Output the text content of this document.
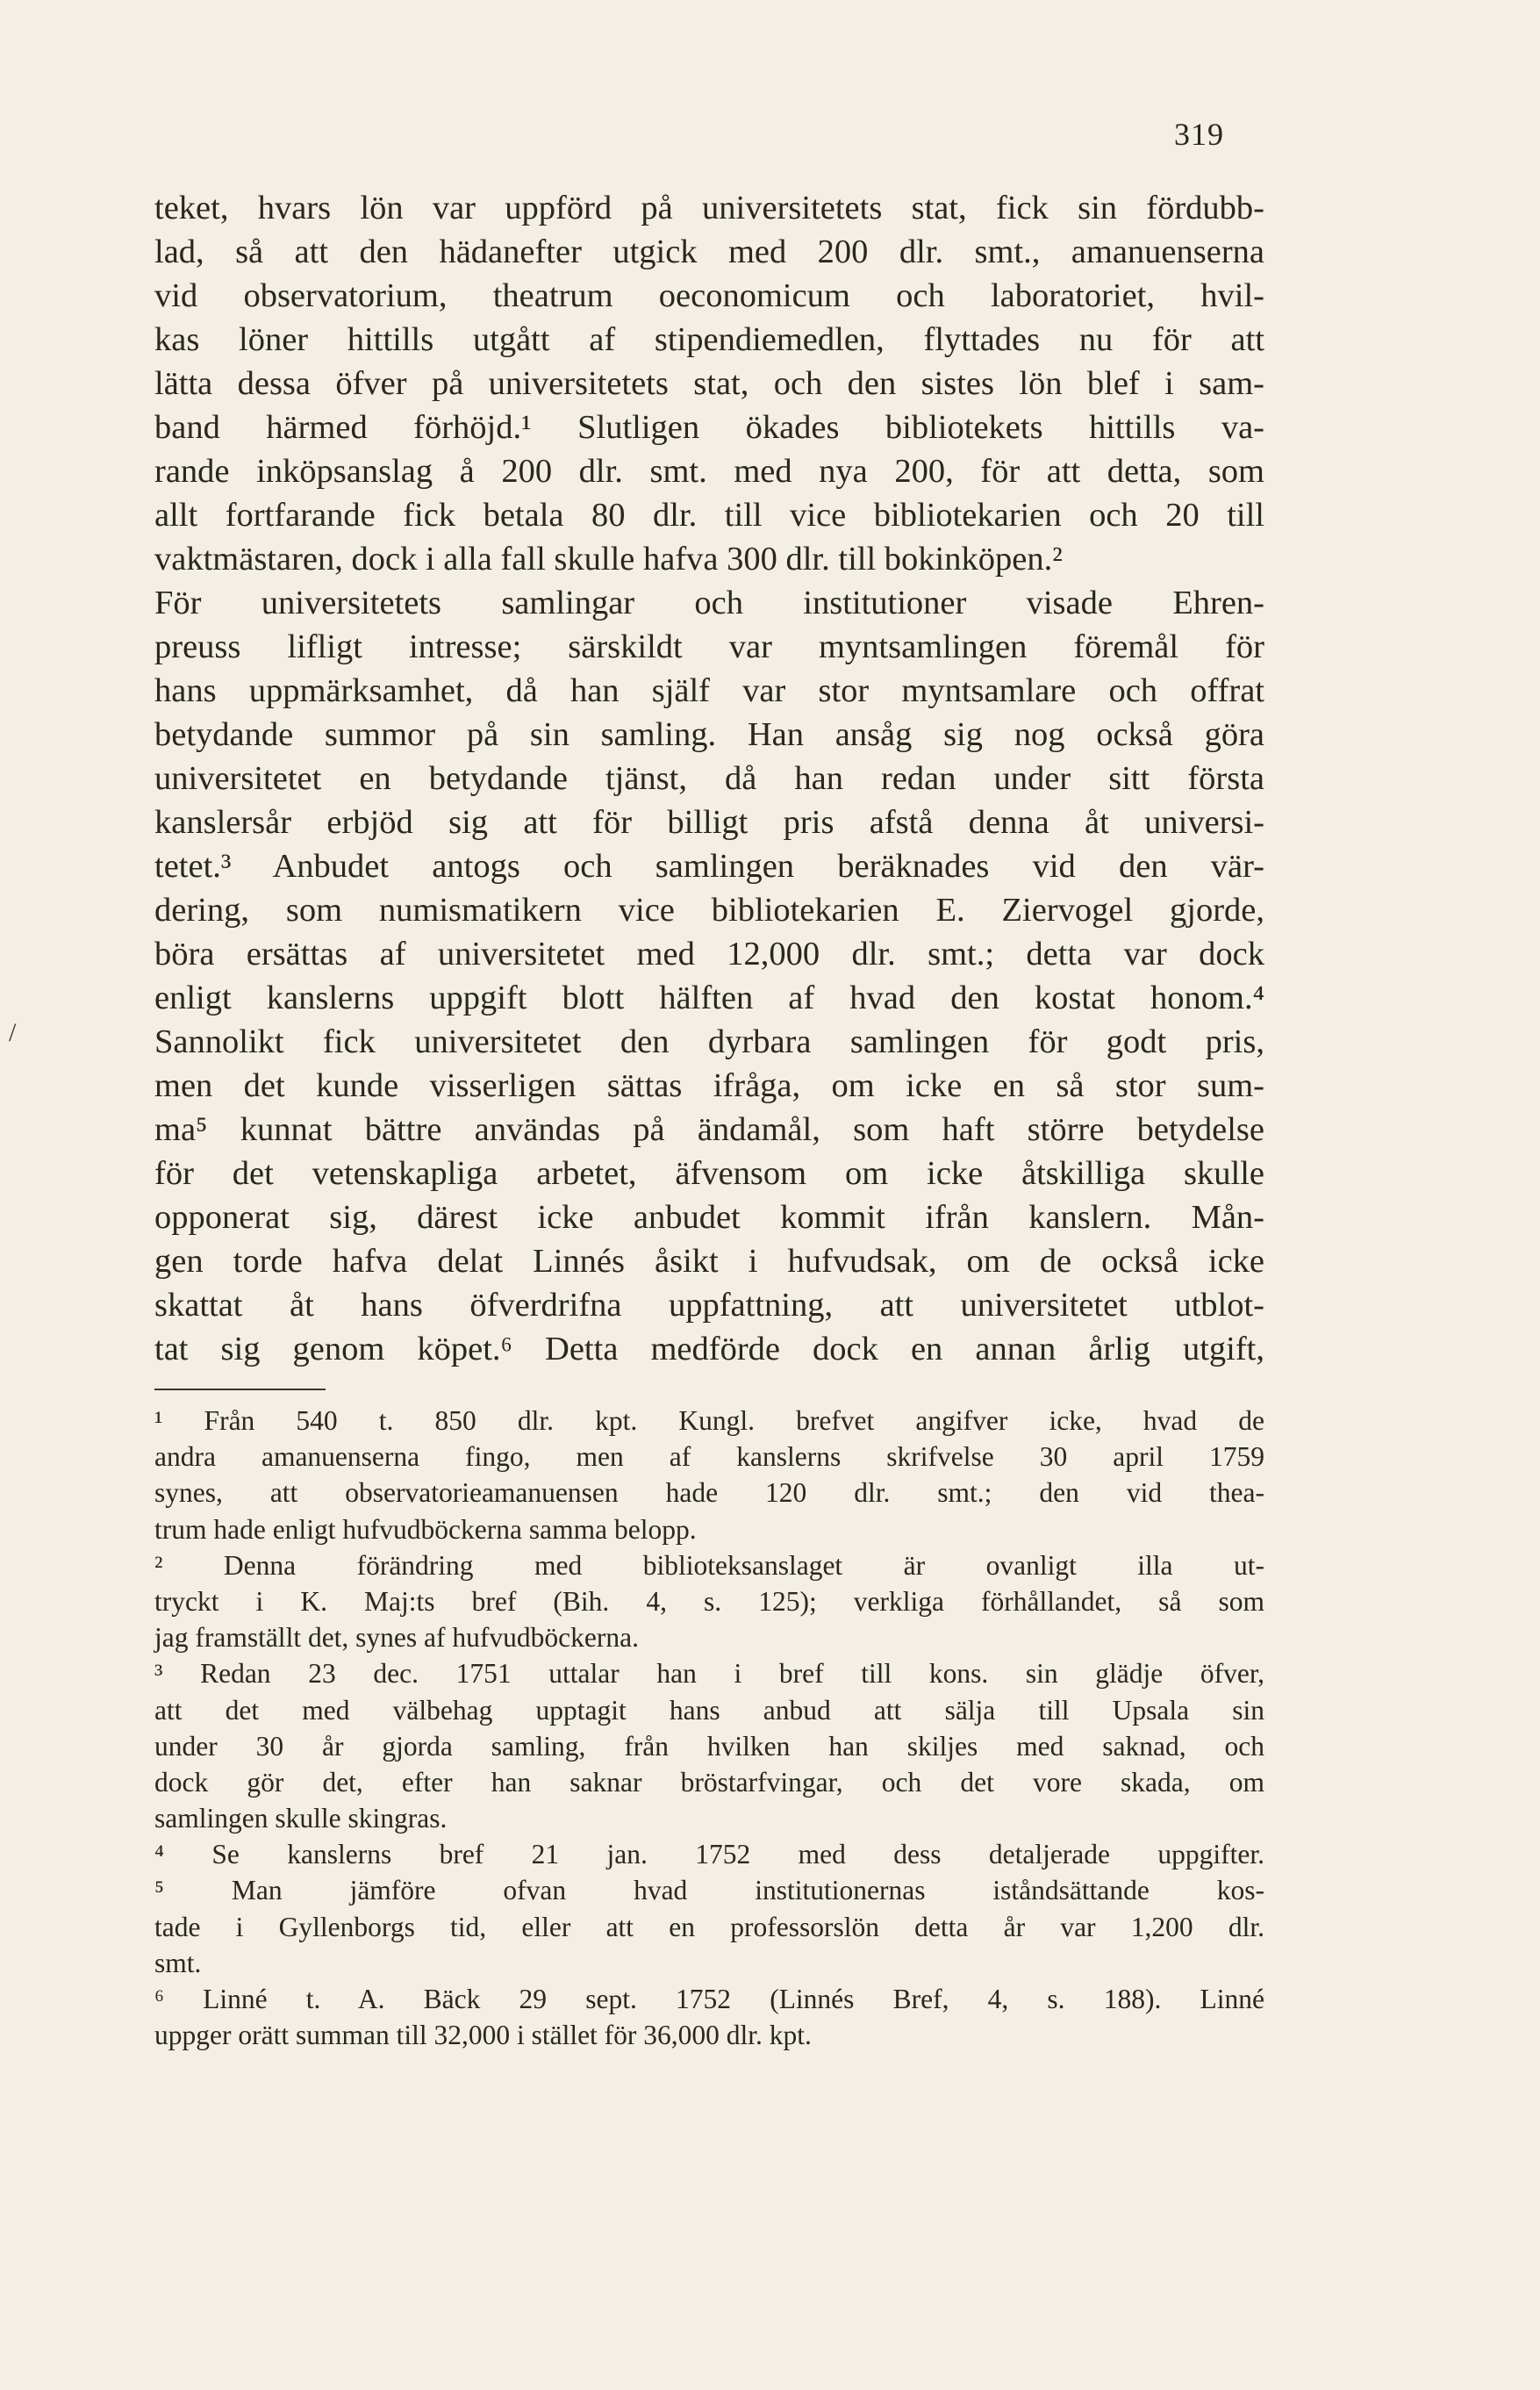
319
/
teket, hvars lön var uppförd på universitetets stat, fick sin fördubb-
lad, så att den hädanefter utgick med 200 dlr. smt., amanuenserna
vid observatorium, theatrum oeconomicum och laboratoriet, hvil-
kas löner hittills utgått af stipendiemedlen, flyttades nu för att
lätta dessa öfver på universitetets stat, och den sistes lön blef i sam-
band härmed förhöjd.¹ Slutligen ökades bibliotekets hittills va-
rande inköpsanslag å 200 dlr. smt. med nya 200, för att detta, som
allt fortfarande fick betala 80 dlr. till vice bibliotekarien och 20 till
vaktmästaren, dock i alla fall skulle hafva 300 dlr. till bokinköpen.²
För universitetets samlingar och institutioner visade Ehren-
preuss lifligt intresse; särskildt var myntsamlingen föremål för
hans uppmärksamhet, då han själf var stor myntsamlare och offrat
betydande summor på sin samling. Han ansåg sig nog också göra
universitetet en betydande tjänst, då han redan under sitt första
kanslersår erbjöd sig att för billigt pris afstå denna åt universi-
tetet.³ Anbudet antogs och samlingen beräknades vid den vär-
dering, som numismatikern vice bibliotekarien E. Ziervogel gjorde,
böra ersättas af universitetet med 12,000 dlr. smt.; detta var dock
enligt kanslerns uppgift blott hälften af hvad den kostat honom.⁴
Sannolikt fick universitetet den dyrbara samlingen för godt pris,
men det kunde visserligen sättas ifråga, om icke en så stor sum-
ma⁵ kunnat bättre användas på ändamål, som haft större betydelse
för det vetenskapliga arbetet, äfvensom om icke åtskilliga skulle
opponerat sig, därest icke anbudet kommit ifrån kanslern. Mån-
gen torde hafva delat Linnés åsikt i hufvudsak, om de också icke
skattat åt hans öfverdrifna uppfattning, att universitetet utblot-
tat sig genom köpet.⁶ Detta medförde dock en annan årlig utgift,
¹ Från 540 t. 850 dlr. kpt. Kungl. brefvet angifver icke, hvad de
andra amanuenserna fingo, men af kanslerns skrifvelse 30 april 1759
synes, att observatorieamanuensen hade 120 dlr. smt.; den vid thea-
trum hade enligt hufvudböckerna samma belopp.
² Denna förändring med biblioteksanslaget är ovanligt illa ut-
tryckt i K. Maj:ts bref (Bih. 4, s. 125); verkliga förhållandet, så som
jag framställt det, synes af hufvudböckerna.
³ Redan 23 dec. 1751 uttalar han i bref till kons. sin glädje öfver,
att det med välbehag upptagit hans anbud att sälja till Upsala sin
under 30 år gjorda samling, från hvilken han skiljes med saknad, och
dock gör det, efter han saknar bröstarfvingar, och det vore skada, om
samlingen skulle skingras.
⁴ Se kanslerns bref 21 jan. 1752 med dess detaljerade uppgifter.
⁵ Man jämföre ofvan hvad institutionernas iståndsättande kos-
tade i Gyllenborgs tid, eller att en professorslön detta år var 1,200 dlr.
smt.
⁶ Linné t. A. Bäck 29 sept. 1752 (Linnés Bref, 4, s. 188). Linné
uppger orätt summan till 32,000 i stället för 36,000 dlr. kpt.
